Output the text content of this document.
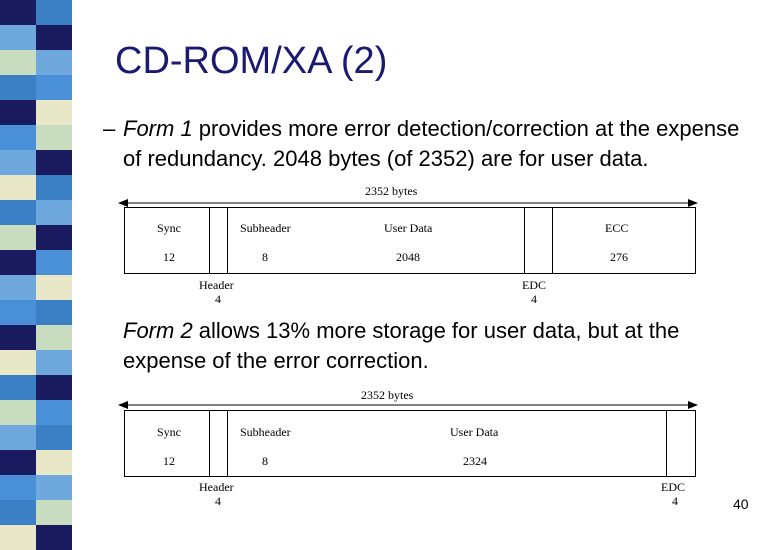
CD-ROM/XA (2)
– Form 1 provides more error detection/correction at the expense of redundancy. 2048 bytes (of 2352) are for user data.
2352 bytes
Sync
12
Subheader
8
User Data
2048
ECC
276
Header
4
EDC
4
Form 2 allows 13% more storage for user data, but at the expense of the error correction.
2352 bytes
Sync
12
Subheader
8
User Data
2324
Header
4
EDC
4	40
